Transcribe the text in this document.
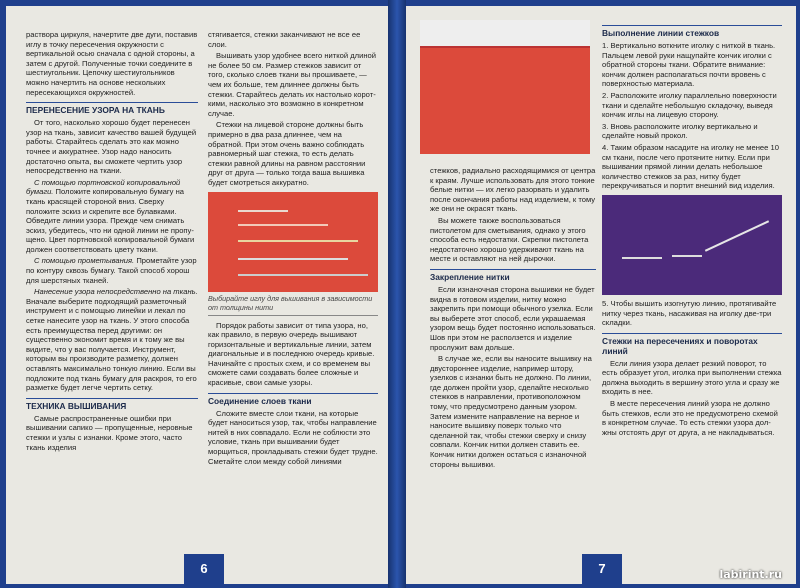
раствора циркуля, начертите две дуги, поставив иглу в точку пересечения окружности с вертикальной осью сначала с одной стороны, а затем с другой. Полученные точки соедините в шестиугольник. Цепочку шестиугольников можно начертить на основе нескольких пересекающихся окружностей.

ПЕРЕНЕСЕНИЕ УЗОРА НА ТКАНЬ

От того, насколько хорошо будет перенесен узор на ткань, зависит качество вашей будущей работы. Старайтесь сделать это как можно точнее и аккуратнее. Узор надо наносить достаточно опыта, вы сможете чертить узор непосредственно на ткани.

С помощью портновской копировальной бумаги. Положите копировальную бумагу на ткань красящей стороной вниз. Сверху положите эскиз и скрепите все булавками. Обведите линии узора. Прежде чем снимать эскиз, убедитесь, что ни одной линии не пропущено. Цвет портновской копировальной бумаги должен соответствовать цвету ткани.

С помощью прометывания. Прометайте узор по контуру сквозь бумагу. Такой способ хорош для шерстяных тканей.

Нанесение узора непосредственно на ткань. Вначале выберите подходящий разметочный инструмент и с помощью линейки и лекал по сетке нанесите узор на ткань. У этого способа есть преимущества перед другими: он существенно экономит время и к тому же вы видите, что у вас получается. Инструмент, которым вы производите разметку, должен оставлять максимально тонкую линию. Если вы подложите под ткань бумагу для раскроя, то его разметке будет легче чертить сетку.

ТЕХНИКА ВЫШИВАНИЯ

Самые распространенные ошибки при вышивании сапико — пропущенные, неровные стежки и узлы с изнанки. Кроме этого, часто ткань изделия

стягивается, стежки заканчивают не все ее слои.

Вышивать узор удобнее всего ниткой длиной не более 50 см. Размер стежков зависит от того, сколько слоев ткани вы прошиваете, — чем их больше, тем длиннее должны быть стежки. Старайтесь делать их настолько короткими, насколько это возможно в конкретном случае.

Стежки на лицевой стороне должны быть примерно в два раза длиннее, чем на обратной. При этом очень важно соблюдать равномерный шаг стежка, то есть делать стежки равной длины на равном расстоянии друг от друга — только тогда ваша вышивка будет смотреться аккуратно.

Выбирайте иглу для вышивания в зависимости от толщины нити

Порядок работы зависит от типа узора, но, как правило, в первую очередь вышивают горизонтальные и вертикальные линии, затем диагональные и в последнюю очередь кривые. Начинайте с простых схем, и со временем вы сможете сами создавать более сложные и красивые, свои самые узоры.

Соединение слоев ткани

Сложите вместе слои ткани, на которые будет наноситься узор, так, чтобы направление нитей в них совпадало. Если не соблюсти это условие, ткань при вышивании будет морщиться, прокладывать стежки будет трудне. Сметайте слои между собой линиями

6

стежков, радиально расходящимися от центра к краям. Лучше использовать для этого тонкие белые нитки — их легко разорвать и удалить после окончания работы над изделием, к тому же они не окрасят ткань.

Вы можете также воспользоваться пистолетом для сметывания, однако у этого способа есть недостатки. Скрепки пистолета недостаточно хорошо удерживают ткань на месте и оставляют на ней дырочки.

Закрепление нитки

Если изнаночная сторона вышивки не будет видна в готовом изделии, нитку можно закрепить при помощи обычного узелка. Если вы выберете этот способ, если украшаемая узором вещь будет постоянно использоваться. Шов при этом не расползется и изделие прослужит вам дольше.

В случае же, если вы наносите вышивку на двустороннее изделие, например штору, узелков с изнанки быть не должно. По линии, где должен пройти узор, сделайте несколько стежков в направлении, противоположном тому, что предусмотрено данным узором. Затем измените направление на верное и наносите вышивку поверх только что сделанной так, чтобы стежки сверху и снизу совпали. Кончик нитки должен ставить ее. Кончик нитки должен остаться с изнаночной стороны вышивки.

Выполнение линии стежков

1. Вертикально воткните иголку с ниткой в ткань. Пальцем левой руки нащупайте кончик иголки с обратной стороны ткани. Обратите внимание: кончик должен располагаться почти вровень с поверхностью материала.

2. Расположите иголку параллельно поверхности ткани и сделайте небольшую складочку, выведя кончик иглы на лицевую сторону.

3. Вновь расположите иголку вертикально и сделайте новый прокол.

4. Таким образом насадите на иголку не менее 10 см ткани, после чего протяните нитку. Если при вышивании прямой линии делать небольшое количество стежков за раз, нитку будет перекручиваться и портит внешний вид изделия.

5. Чтобы вышить изогнутую линию, протягивайте нитку через ткань, насаживая на иголку две-три складки.

Стежки на пересечениях и поворотах линий

Если линия узора делает резкий поворот, то есть образует угол, иголка при выполнении стежка должна выходить в вершину этого угла и сразу же входить в нее.

В месте пересечения линий узора не должно быть стежков, если это не предусмотрено схемой в конкретном случае. То есть стежки узора должны отстоять друг от друга, а не накладываться.

7	labirint.ru
